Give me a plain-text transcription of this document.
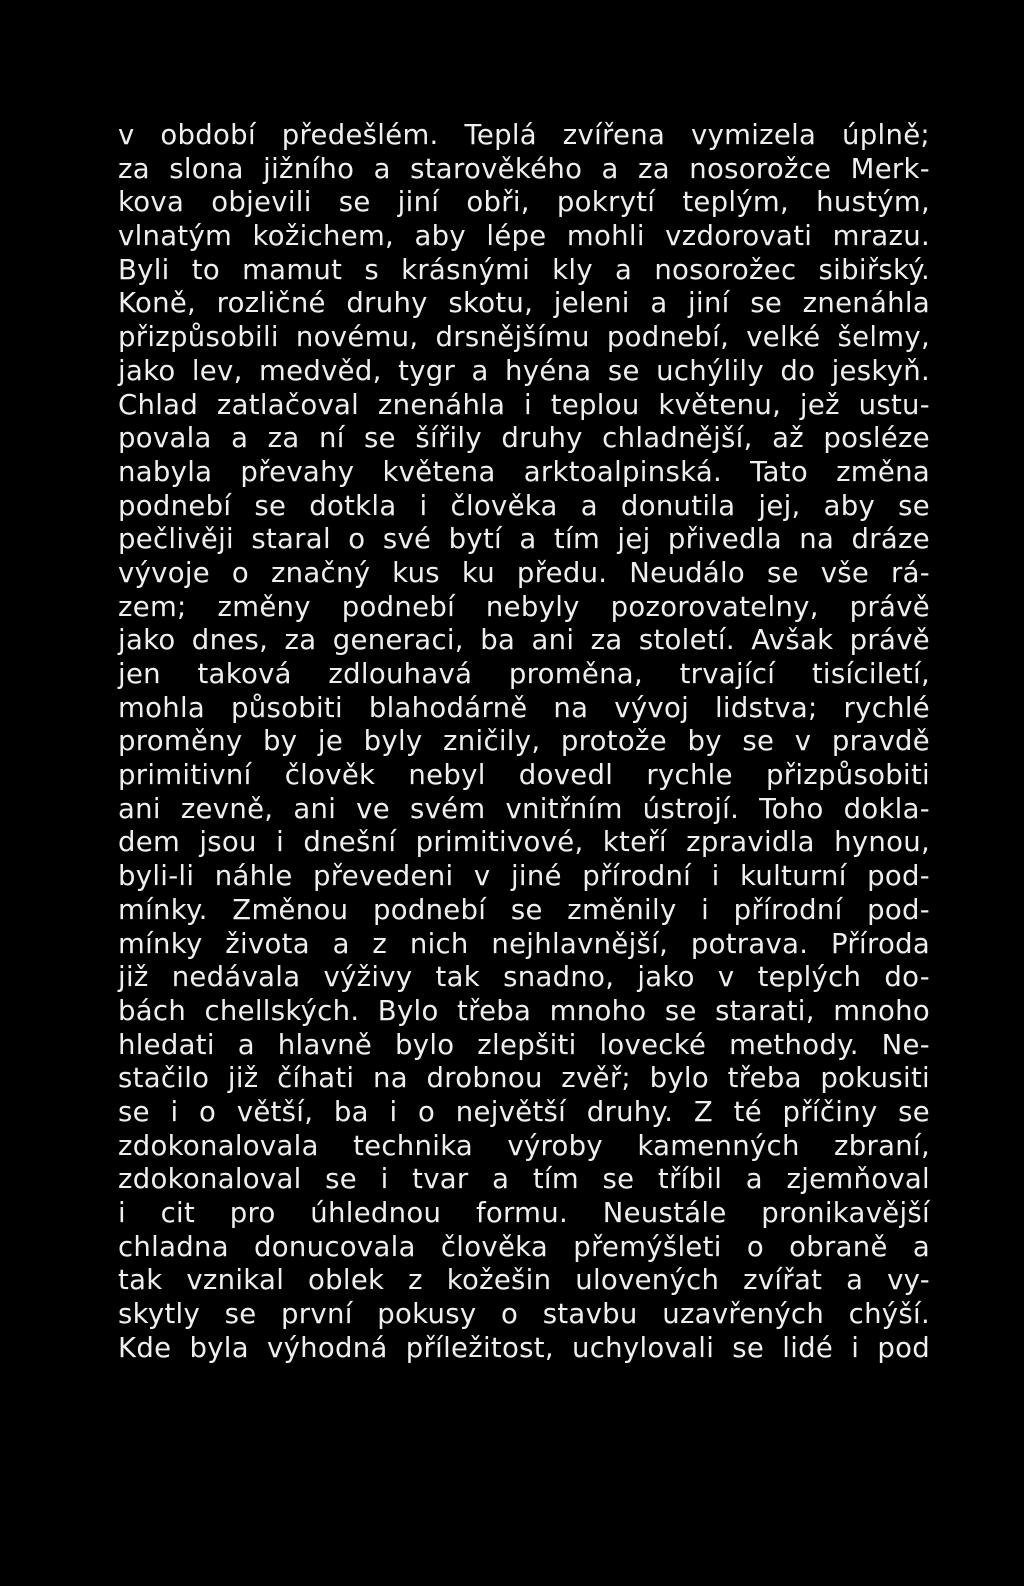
v období předešlém. Teplá zvířena vymizela úplně;
za slona jižního a starověkého a za nosorožce Merk-
kova objevili se jiní obři, pokrytí teplým, hustým,
vlnatým kožichem, aby lépe mohli vzdorovati mrazu.
Byli to mamut s krásnými kly a nosorožec sibiřský.
Koně, rozličné druhy skotu, jeleni a jiní se znenáhla
přizpůsobili novému, drsnějšímu podnebí, velké šelmy,
jako lev, medvěd, tygr a hyéna se uchýlily do jeskyň.
Chlad zatlačoval znenáhla i teplou květenu, jež ustu-
povala a za ní se šířily druhy chladnější, až posléze
nabyla převahy květena arktoalpinská. Tato změna
podnebí se dotkla i člověka a donutila jej, aby se
pečlivěji staral o své bytí a tím jej přivedla na dráze
vývoje o značný kus ku předu. Neudálo se vše rá-
zem; změny podnebí nebyly pozorovatelny, právě
jako dnes, za generaci, ba ani za století. Avšak právě
jen taková zdlouhavá proměna, trvající tisíciletí,
mohla působiti blahodárně na vývoj lidstva; rychlé
proměny by je byly zničily, protože by se v pravdě
primitivní člověk nebyl dovedl rychle přizpůsobiti
ani zevně, ani ve svém vnitřním ústrojí. Toho dokla-
dem jsou i dnešní primitivové, kteří zpravidla hynou,
byli-li náhle převedeni v jiné přírodní i kulturní pod-
mínky. Změnou podnebí se změnily i přírodní pod-
mínky života a z nich nejhlavnější, potrava. Příroda
již nedávala výživy tak snadno, jako v teplých do-
bách chellských. Bylo třeba mnoho se starati, mnoho
hledati a hlavně bylo zlepšiti lovecké methody. Ne-
stačilo již číhati na drobnou zvěř; bylo třeba pokusiti
se i o větší, ba i o největší druhy. Z té příčiny se
zdokonalovala technika výroby kamenných zbraní,
zdokonaloval se i tvar a tím se tříbil a zjemňoval
i cit pro úhlednou formu. Neustále pronikavější
chladna donucovala člověka přemýšleti o obraně a
tak vznikal oblek z kožešin ulovených zvířat a vy-
skytly se první pokusy o stavbu uzavřených chýší.
Kde byla výhodná příležitost, uchylovali se lidé i pod
